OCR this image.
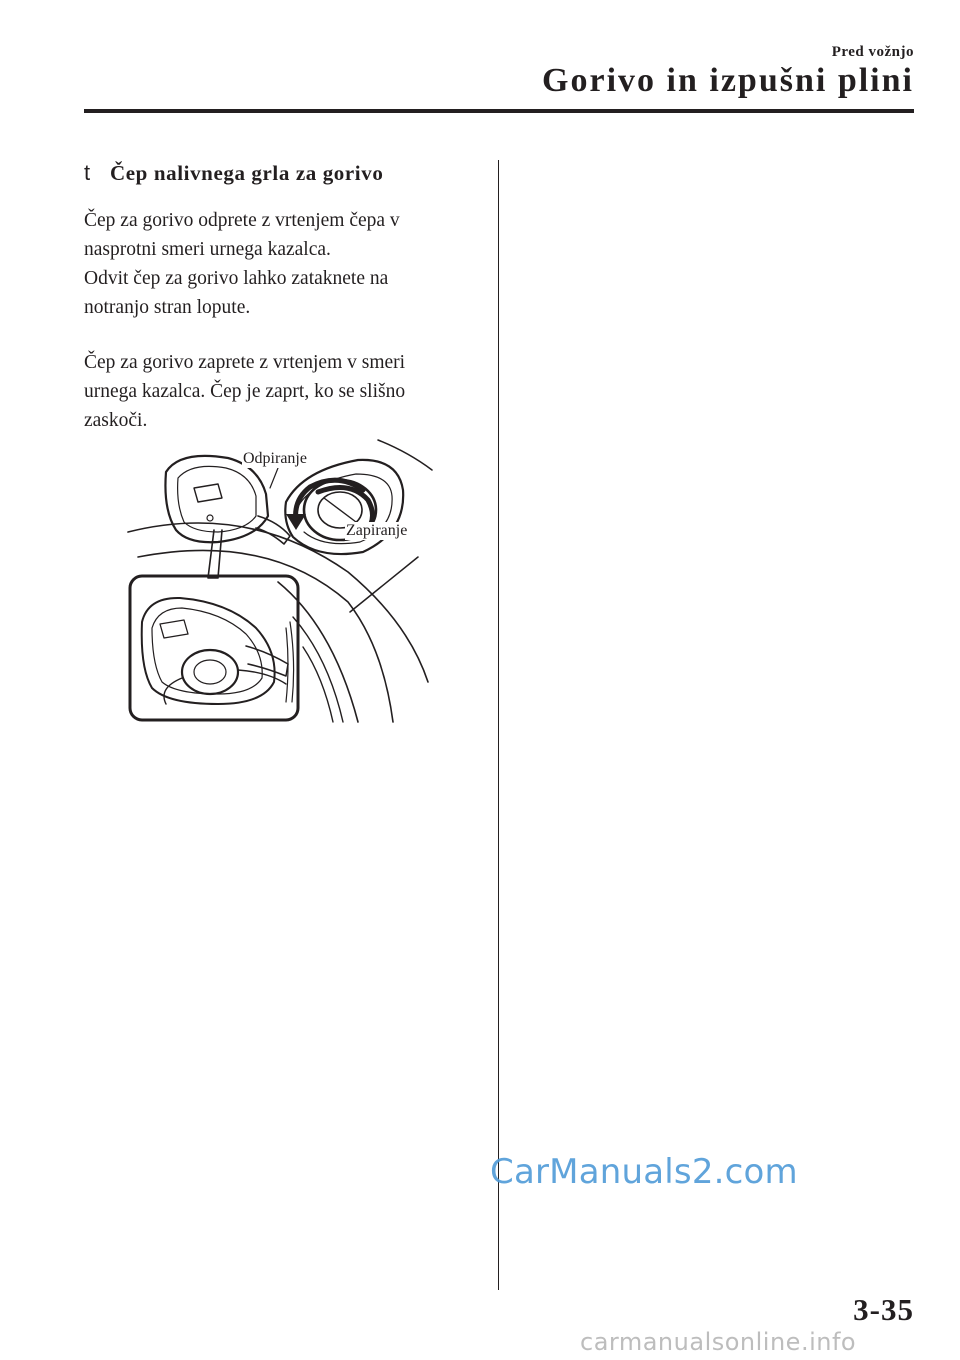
Pred vožnjo
Gorivo in izpušni plini
t Čep nalivnega grla za gorivo

Čep za gorivo odprete z vrtenjem čepa v
nasprotni smeri urnega kazalca.
Odvit čep za gorivo lahko zataknete na
notranjo stran lopute.

Čep za gorivo zaprete z vrtenjem v smeri
urnega kazalca. Čep je zaprt, ko se slišno
zaskoči.

Odpiranje
Zapiranje
CarManuals2.com
3-35
carmanualsonline.info
